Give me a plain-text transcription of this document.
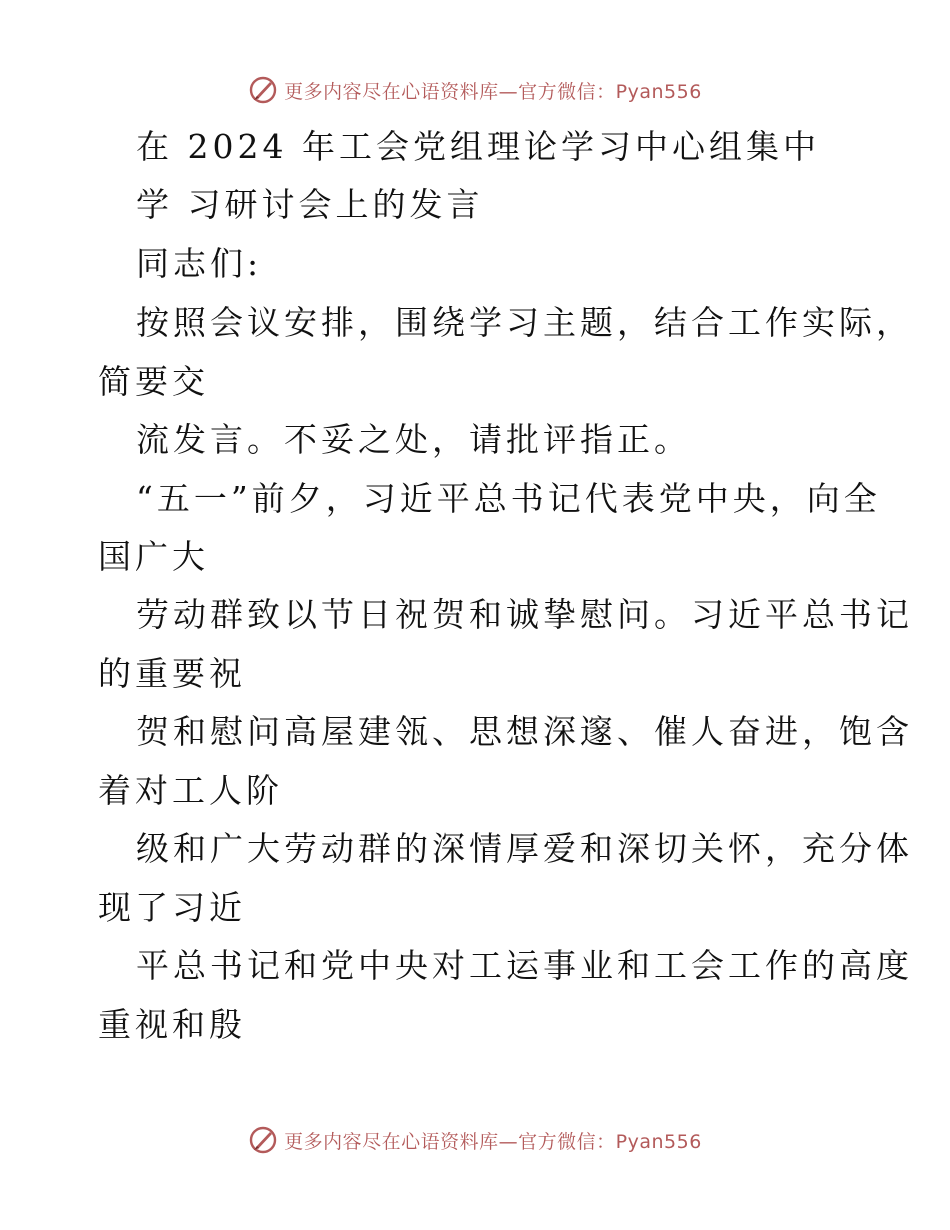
更多内容尽在心语资料库—官方微信：Pyan556
在 2024 年工会党组理论学习中心组集中
学 习研讨会上的发言
同志们:
按照会议安排，围绕学习主题，结合工作实际，
简要交
流发言。不妥之处，请批评指正。
“五一”前夕，习近平总书记代表党中央，向全
国广大
劳动群致以节日祝贺和诚挚慰问。习近平总书记
的重要祝
贺和慰问高屋建瓴、思想深邃、催人奋进，饱含
着对工人阶
级和广大劳动群的深情厚爱和深切关怀，充分体
现了习近
平总书记和党中央对工运事业和工会工作的高度
重视和殷
更多内容尽在心语资料库—官方微信：Pyan556
